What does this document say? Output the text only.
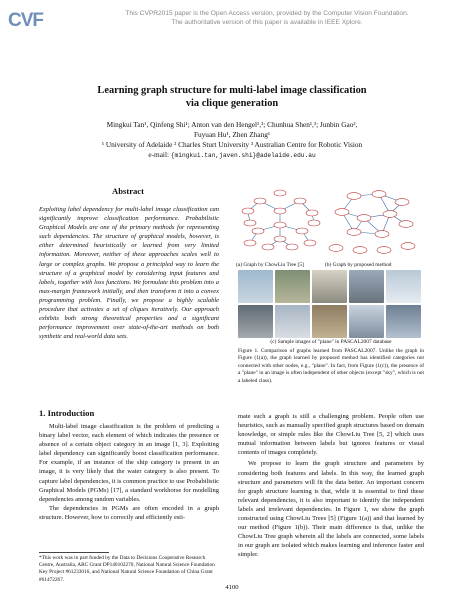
CVF	This CVPR2015 paper is the Open Access version, provided by the Computer Vision Foundation.
The authoritative version of this paper is available in IEEE Xplore.
Learning graph structure for multi-label image classification
via clique generation
Mingkui Tan¹, Qinfeng Shi¹; Anton van den Hengel¹,³; Chunhua Shen¹,³; Junbin Gao²,
Fuyuan Hu¹, Zhen Zhang¹
¹ University of Adelaide ² Charles Sturt University ³ Australian Centre for Robotic Vision
e-mail: {mingkui.tan,javen.shi}@adelaide.edu.au
Abstract
Exploiting label dependency for multi-label image classification can significantly improve classification performance. Probabilistic Graphical Models are one of the primary methods for representing such dependencies. The structure of graphical models, however, is either determined heuristically or learned from very limited information. Moreover, neither of these approaches scales well to large or complex graphs. We propose a principled way to learn the structure of a graphical model by considering input features and labels, together with loss functions. We formulate this problem into a max-margin framework initially, and then transform it into a convex programming problem. Finally, we propose a highly scalable procedure that activates a set of cliques iteratively. Our approach exhibits both strong theoretical properties and a significant performance improvement over state-of-the-art methods on both synthetic and real-world data sets.
1. Introduction
Multi-label image classification is the problem of predicting a binary label vector, each element of which indicates the presence or absence of a certain object category in an image [1, 3]. Exploiting label dependency can significantly boost classification performance. For example, if an instance of the ship category is present in an image, it is very likely that the water category is also present. To capture label dependencies, it is common practice to use Probabilistic Graphical Models (PGMs) [17], a standard workhorse for modelling dependencies among random variables.
The dependencies in PGMs are often encoded in a graph structure. However, how to correctly and efficiently esti-
*This work was in part funded by the Data to Decisions Cooperative Research Centre, Australia, ARC Grant DP140102270, National Natural Science Foundation Key Project #61233016, and National Natural Science Foundation of China Grant #61472267.
(a) Graph by ChowLiu Tree [5]	(b) Graph by proposed method
(c) Sample images of "plane" in PASCAL2007 database
Figure 1. Comparison of graphs learned from PASCAL2007. Unlike the graph in Figure (1(a)), the graph learned by proposed method has identified categories not connected with other nodes, e.g., "plane". In fact, from Figure (1(c)), the presence of a "plane" in an image is often independent of other objects (except "sky", which is not a labeled class).
mate such a graph is still a challenging problem. People often use heuristics, such as manually specified graph structures based on domain knowledge, or simple rules like the ChowLiu Tree [5, 2] which uses mutual information between labels but ignores features or visual contents of images completely.
We propose to learn the graph structure and parameters by considering both features and labels. In this way, the learned graph structure and parameters will fit the data better. An important concern for graph structure learning is that, while it is essential to find these relevant dependencies, it is also important to identify the independent labels and irrelevant dependencies. In Figure 1, we show the graph constructed using ChowLiu Trees [5] (Figure 1(a)) and that learned by our method (Figure 1(b)). Their main difference is that, unlike the ChowLiu Tree graph wherein all the labels are connected, some labels in our graph are isolated which makes learning and inference faster and simpler.
4100
